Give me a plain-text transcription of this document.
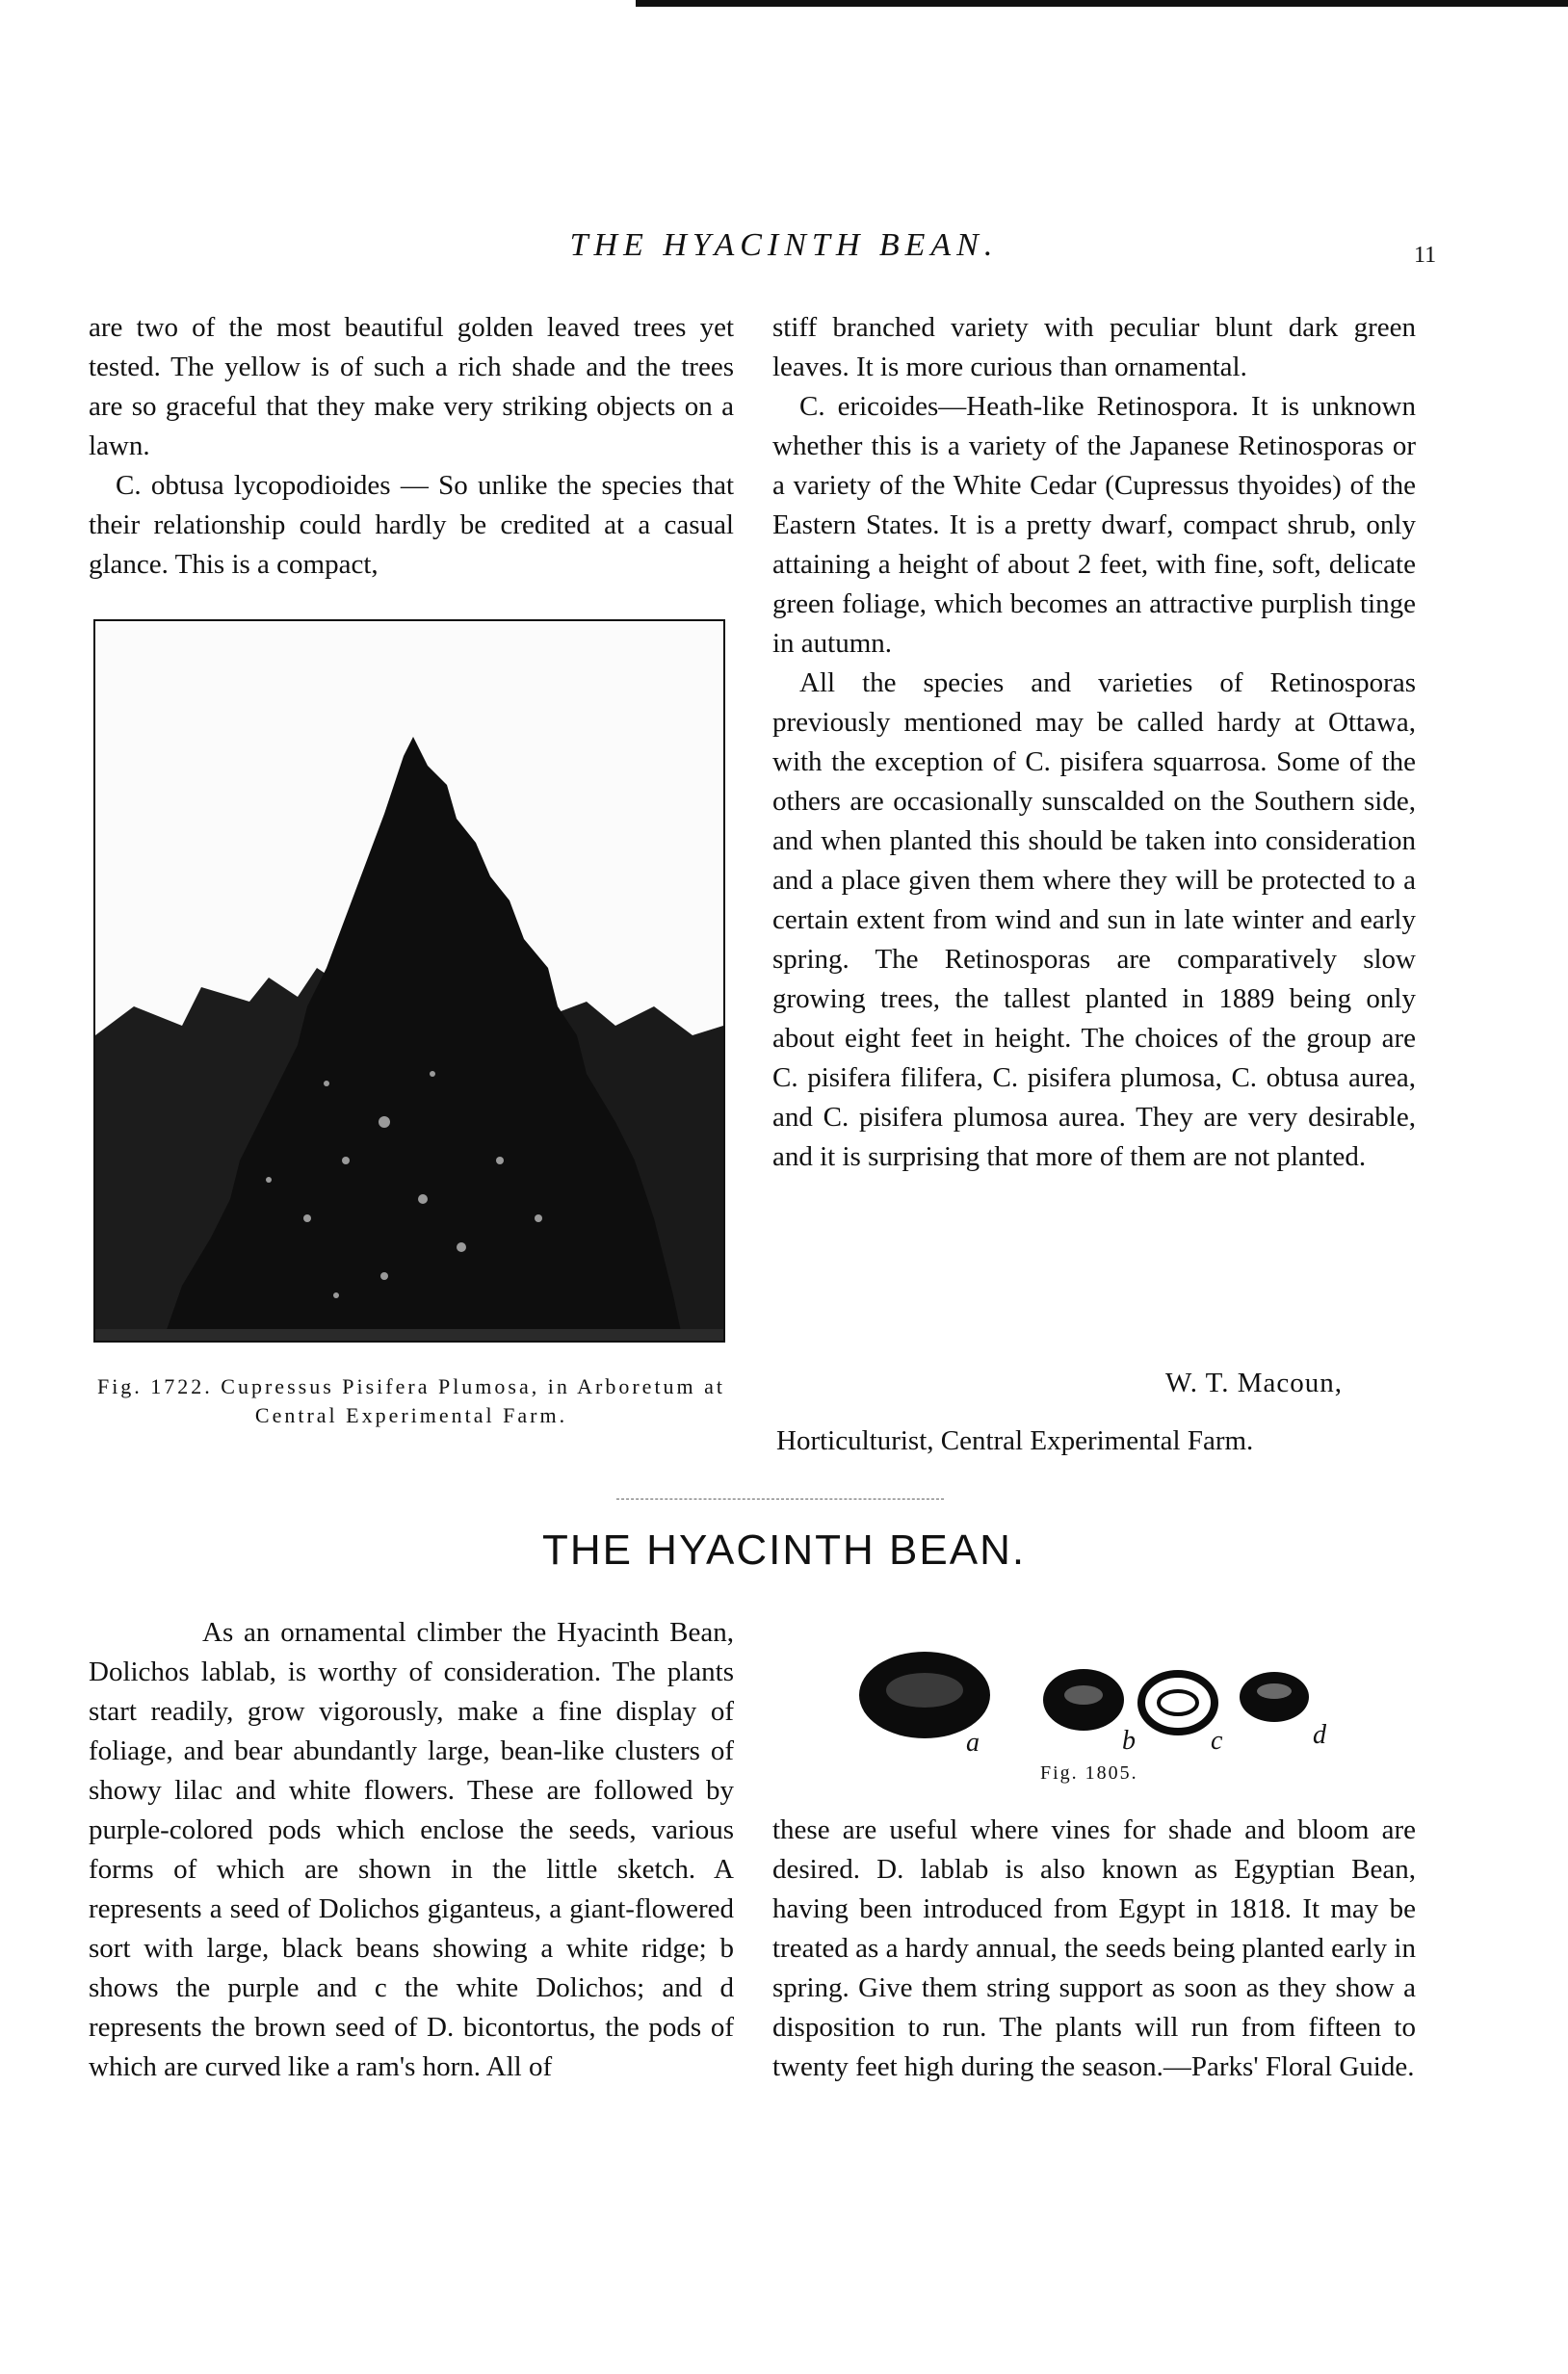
THE HYACINTH BEAN.	11

are two of the most beautiful golden leaved trees yet tested. The yellow is of such a rich shade and the trees are so graceful that they make very striking objects on a lawn.

C. obtusa lycopodioides — So unlike the species that their relationship could hardly be credited at a casual glance. This is a compact,

Fig. 1722. Cupressus Pisifera Plumosa, in Arboretum at Central Experimental Farm.

stiff branched variety with peculiar blunt dark green leaves. It is more curious than ornamental.

C. ericoides—Heath-like Retinospora. It is unknown whether this is a variety of the Japanese Retinosporas or a variety of the White Cedar (Cupressus thyoides) of the Eastern States. It is a pretty dwarf, compact shrub, only attaining a height of about 2 feet, with fine, soft, delicate green foliage, which becomes an attractive purplish tinge in autumn.

All the species and varieties of Retinosporas previously mentioned may be called hardy at Ottawa, with the exception of C. pisifera squarrosa. Some of the others are occasionally sunscalded on the Southern side, and when planted this should be taken into consideration and a place given them where they will be protected to a certain extent from wind and sun in late winter and early spring. The Retinosporas are comparatively slow growing trees, the tallest planted in 1889 being only about eight feet in height. The choices of the group are C. pisifera filifera, C. pisifera plumosa, C. obtusa aurea, and C. pisifera plumosa aurea. They are very desirable, and it is surprising that more of them are not planted.

W. T. Macoun,
Horticulturist, Central Experimental Farm.
THE HYACINTH BEAN.

As an ornamental climber the Hyacinth Bean, Dolichos lablab, is worthy of consideration. The plants start readily, grow vigorously, make a fine display of foliage, and bear abundantly large, bean-like clusters of showy lilac and white flowers. These are followed by purple-colored pods which enclose the seeds, various forms of which are shown in the little sketch. A represents a seed of Dolichos giganteus, a giant-flowered sort with large, black beans showing a white ridge; b shows the purple and c the white Dolichos; and d represents the brown seed of D. bicontortus, the pods of which are curved like a ram's horn. All of

a	b	c	d
Fig. 1805.

these are useful where vines for shade and bloom are desired. D. lablab is also known as Egyptian Bean, having been introduced from Egypt in 1818. It may be treated as a hardy annual, the seeds being planted early in spring. Give them string support as soon as they show a disposition to run. The plants will run from fifteen to twenty feet high during the season.—Parks' Floral Guide.
